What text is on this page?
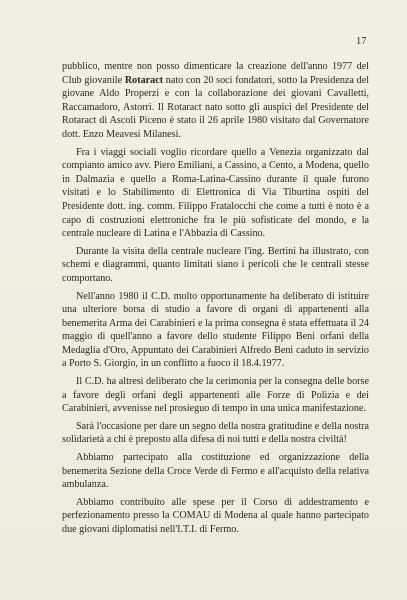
17

pubblico, mentre non posso dimenticare la creazione dell'anno 1977 del Club giovanile Rotaract nato con 20 soci fondatori, sotto la Presidenza del giovane Aldo Properzi e con la collaborazione dei giovani Cavalletti, Raccamadoro, Astorri. Il Rotaract nato sotto gli auspici del Presidente del Rotaract di Ascoli Piceno è stato il 26 aprile 1980 visitato dal Governatore dott. Enzo Meavesi Milanesi.

Fra i viaggi sociali voglio ricordare quello a Venezia organizzato dal compianto amico avv. Piero Emiliani, a Cassino, a Cento, a Modena, quello in Dalmazia e quello a Roma-Latina-Cassino durante il quale furono visitati e lo Stabilimento di Elettronica di Via Tiburtina ospiti del Presidente dott. ing. comm. Filippo Fratalocchi che come a tutti è noto è a capo di costruzioni elettroniche fra le più sofisticate del mondo, e la centrale nucleare di Latina e l'Abbazia di Cassino.

Durante la visita della centrale nucleare l'ing. Bertini ha illustrato, con schemi e diagrammi, quanto limitati siano i pericoli che le centrali stesse comportano.

Nell'anno 1980 il C.D. molto opportunamente ha deliberato di istituire una ulteriore borsa di studio a favore di organi di appartenenti alla benemerita Arma dei Carabinieri e la prima consegna è stata effettuata il 24 maggio di quell'anno a favore dello studente Filippo Beni orfani della Medaglia d'Oro, Appuntato dei Carabinieri Alfredo Beni caduto in servizio a Porto S. Giorgio, in un conflitto a fuoco il 18.4.1977.

Il C.D. ha altresì deliberato che la cerimonia per la consegna delle borse a favore degli orfani degli appartenenti alle Forze di Polizia e dei Carabinieri, avvenisse nel prosieguo di tempo in una unica manifestazione.

Sarà l'occasione per dare un segno della nostra gratitudine e della nostra solidarietà a chi è preposto alla difesa di noi tutti e della nostra civiltà!

Abbiamo partecipato alla costituzione ed organizzazione della benemerita Sezione della Croce Verde di Fermo e all'acquisto della relativa ambulanza.

Abbiamo contribuito alle spese per il Corso di addestramento e perfezionamento presso la COMAU di Modena al quale hanno partecipato due giovani diplomatisi nell'I.T.I. di Fermo.
